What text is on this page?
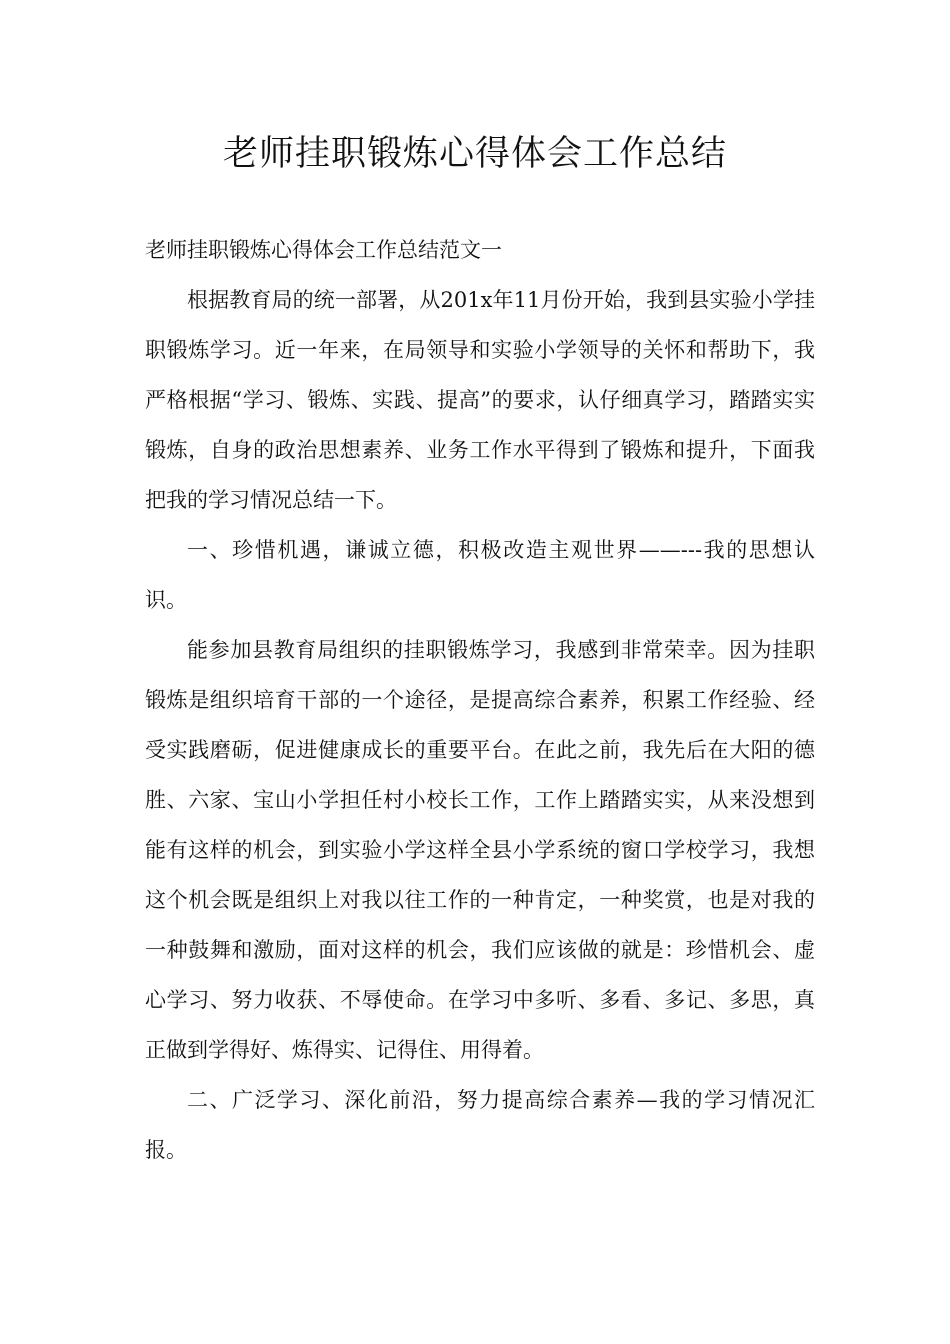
老师挂职锻炼心得体会工作总结

老师挂职锻炼心得体会工作总结范文一

根据教育局的统一部署，从201x年11月份开始，我到县实验小学挂职锻炼学习。近一年来，在局领导和实验小学领导的关怀和帮助下，我严格根据“学习、锻炼、实践、提高”的要求，认仔细真学习，踏踏实实锻炼，自身的政治思想素养、业务工作水平得到了锻炼和提升，下面我把我的学习情况总结一下。

一、珍惜机遇，谦诚立德，积极改造主观世界——---我的思想认识。

能参加县教育局组织的挂职锻炼学习，我感到非常荣幸。因为挂职锻炼是组织培育干部的一个途径，是提高综合素养，积累工作经验、经受实践磨砺，促进健康成长的重要平台。在此之前，我先后在大阳的德胜、六家、宝山小学担任村小校长工作，工作上踏踏实实，从来没想到能有这样的机会，到实验小学这样全县小学系统的窗口学校学习，我想这个机会既是组织上对我以往工作的一种肯定，一种奖赏，也是对我的一种鼓舞和激励，面对这样的机会，我们应该做的就是：珍惜机会、虚心学习、努力收获、不辱使命。在学习中多听、多看、多记、多思，真正做到学得好、炼得实、记得住、用得着。

二、广泛学习、深化前沿，努力提高综合素养—我的学习情况汇报。
